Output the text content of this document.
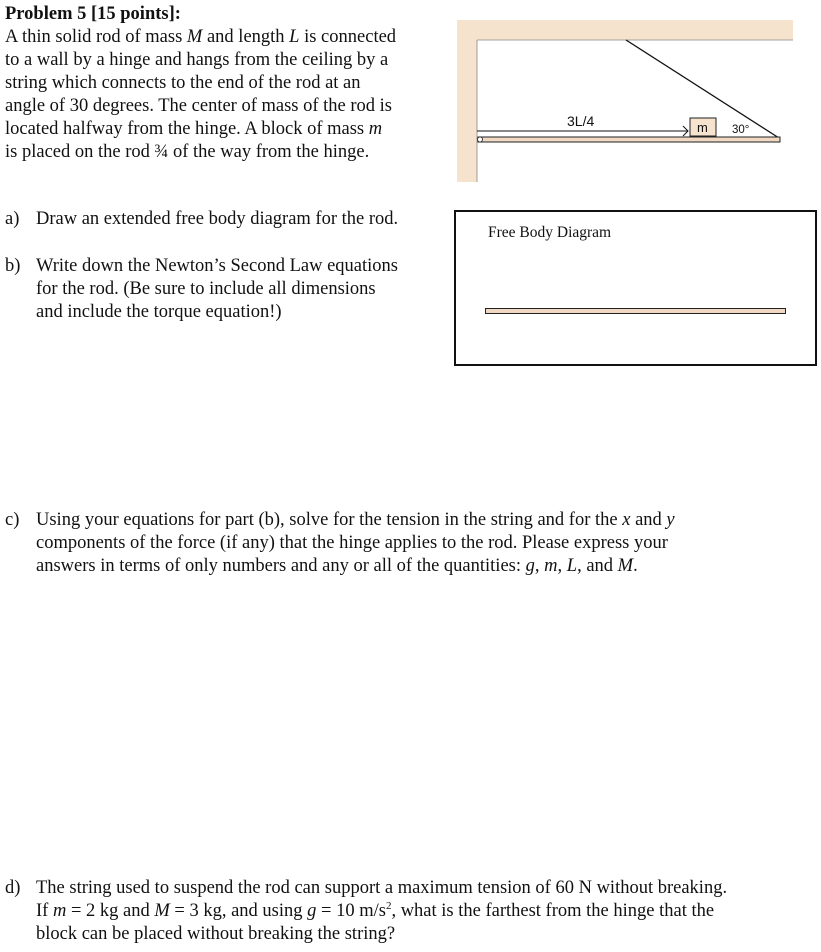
Problem 5 [15 points]:
A thin solid rod of mass M and length L is connected
to a wall by a hinge and hangs from the ceiling by a
string which connects to the end of the rod at an
angle of 30 degrees. The center of mass of the rod is
located halfway from the hinge. A block of mass m
is placed on the rod ¾ of the way from the hinge.
3L/4	m 30°
Free Body Diagram
a) Draw an extended free body diagram for the rod.
b) Write down the Newton’s Second Law equations
for the rod. (Be sure to include all dimensions
and include the torque equation!)
c) Using your equations for part (b), solve for the tension in the string and for the x and y
components of the force (if any) that the hinge applies to the rod. Please express your
answers in terms of only numbers and any or all of the quantities: g, m, L, and M.
d) The string used to suspend the rod can support a maximum tension of 60 N without breaking.
If m = 2 kg and M = 3 kg, and using g = 10 $m/s^2$, what is the farthest from the hinge that the
block can be placed without breaking the string?
